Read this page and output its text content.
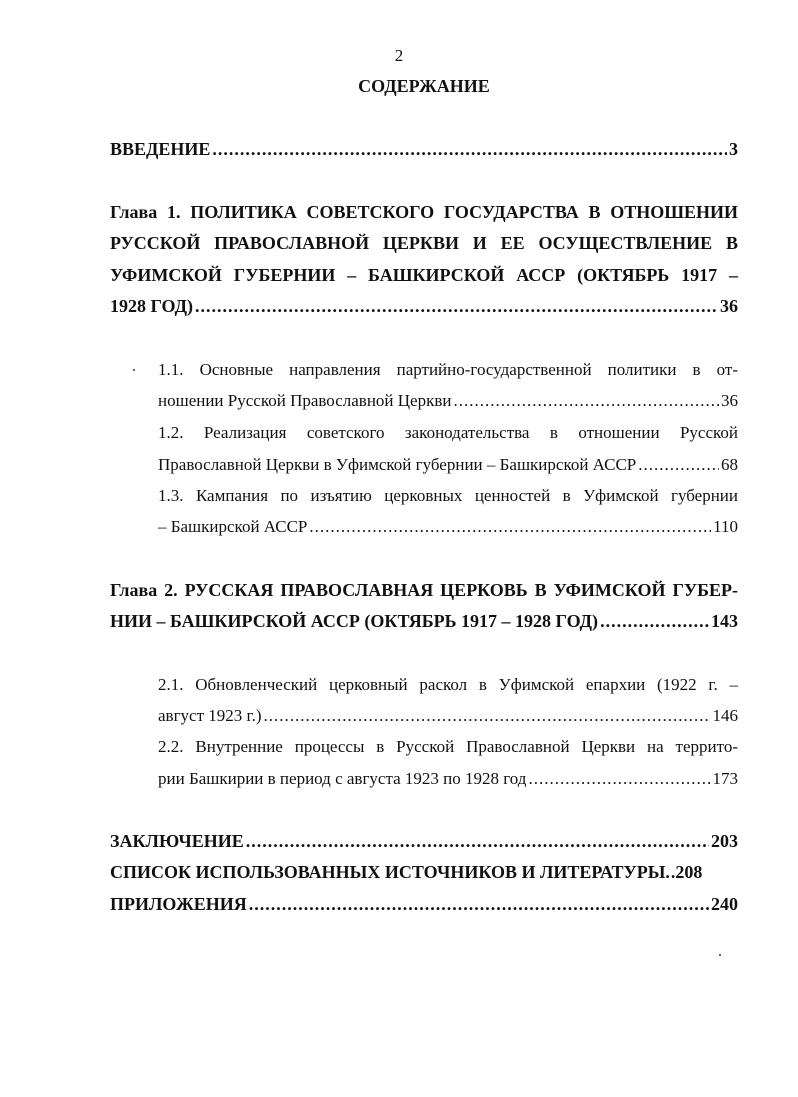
2
СОДЕРЖАНИЕ
ВВЕДЕНИЕ .....	3
Глава 1. ПОЛИТИКА СОВЕТСКОГО ГОСУДАРСТВА В ОТНОШЕНИИ
РУССКОЙ ПРАВОСЛАВНОЙ ЦЕРКВИ И ЕЕ ОСУЩЕСТВЛЕНИЕ В
УФИМСКОЙ ГУБЕРНИИ – БАШКИРСКОЙ АССР (ОКТЯБРЬ 1917 –
1928 ГОД) .....	36
1.1. Основные направления партийно-государственной политики в от-
ношении Русской Православной Церкви .....	36
1.2. Реализация советского законодательства в отношении Русской
Православной Церкви в Уфимской губернии – Башкирской АССР .....	68
1.3. Кампания по изъятию церковных ценностей в Уфимской губернии
– Башкирской АССР .....	110
Глава 2. РУССКАЯ ПРАВОСЛАВНАЯ ЦЕРКОВЬ В УФИМСКОЙ ГУБЕР-
НИИ – БАШКИРСКОЙ АССР (ОКТЯБРЬ 1917 – 1928 ГОД) .....	143
2.1. Обновленческий церковный раскол в Уфимской епархии (1922 г. –
август 1923 г.) .....	146
2.2. Внутренние процессы в Русской Православной Церкви на террито-
рии Башкирии в период с августа 1923 по 1928 год .....	173
ЗАКЛЮЧЕНИЕ .....	203
СПИСОК ИСПОЛЬЗОВАННЫХ ИСТОЧНИКОВ И ЛИТЕРАТУРЫ ..... 208
ПРИЛОЖЕНИЯ .....	240
